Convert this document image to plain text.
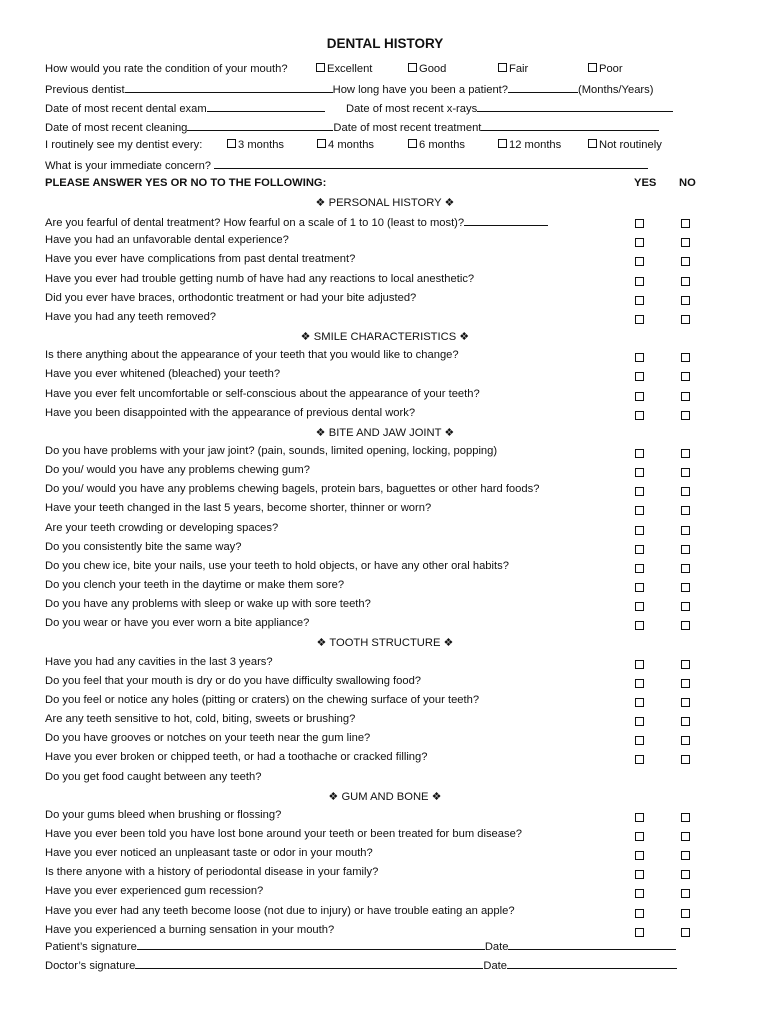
DENTAL HISTORY
How would you rate the condition of your mouth?	Excellent	Good	Fair	Poor
Previous dentist	How long have you been a patient?	(Months/Years)
Date of most recent dental exam	Date of most recent x-rays
Date of most recent cleaning	Date of most recent treatment
I routinely see my dentist every:	3 months	4 months	6 months	12 months	Not routinely
What is your immediate concern?
PLEASE ANSWER YES OR NO TO THE FOLLOWING:	YES NO
❖ PERSONAL HISTORY ❖
Are you fearful of dental treatment? How fearful on a scale of 1 to 10 (least to most)?
Have you had an unfavorable dental experience?
Have you ever have complications from past dental treatment?
Have you ever had trouble getting numb of have had any reactions to local anesthetic?
Did you ever have braces, orthodontic treatment or had your bite adjusted?
Have you had any teeth removed?
❖ SMILE CHARACTERISTICS ❖
Is there anything about the appearance of your teeth that you would like to change?
Have you ever whitened (bleached) your teeth?
Have you ever felt uncomfortable or self-conscious about the appearance of your teeth?
Have you been disappointed with the appearance of previous dental work?
❖ BITE AND JAW JOINT ❖
Do you have problems with your jaw joint? (pain, sounds, limited opening, locking, popping)
Do you/ would you have any problems chewing gum?
Do you/ would you have any problems chewing bagels, protein bars, baguettes or other hard foods?
Have your teeth changed in the last 5 years, become shorter, thinner or worn?
Are your teeth crowding or developing spaces?
Do you consistently bite the same way?
Do you chew ice, bite your nails, use your teeth to hold objects, or have any other oral habits?
Do you clench your teeth in the daytime or make them sore?
Do you have any problems with sleep or wake up with sore teeth?
Do you wear or have you ever worn a bite appliance?
❖ TOOTH STRUCTURE ❖
Have you had any cavities in the last 3 years?
Do you feel that your mouth is dry or do you have difficulty swallowing food?
Do you feel or notice any holes (pitting or craters) on the chewing surface of your teeth?
Are any teeth sensitive to hot, cold, biting, sweets or brushing?
Do you have grooves or notches on your teeth near the gum line?
Have you ever broken or chipped teeth, or had a toothache or cracked filling?
Do you get food caught between any teeth?
❖ GUM AND BONE ❖
Do your gums bleed when brushing or flossing?
Have you ever been told you have lost bone around your teeth or been treated for bum disease?
Have you ever noticed an unpleasant taste or odor in your mouth?
Is there anyone with a history of periodontal disease in your family?
Have you ever experienced gum recession?
Have you ever had any teeth become loose (not due to injury) or have trouble eating an apple?
Have you experienced a burning sensation in your mouth?
Patient’s signature	Date
Doctor’s signature	Date
